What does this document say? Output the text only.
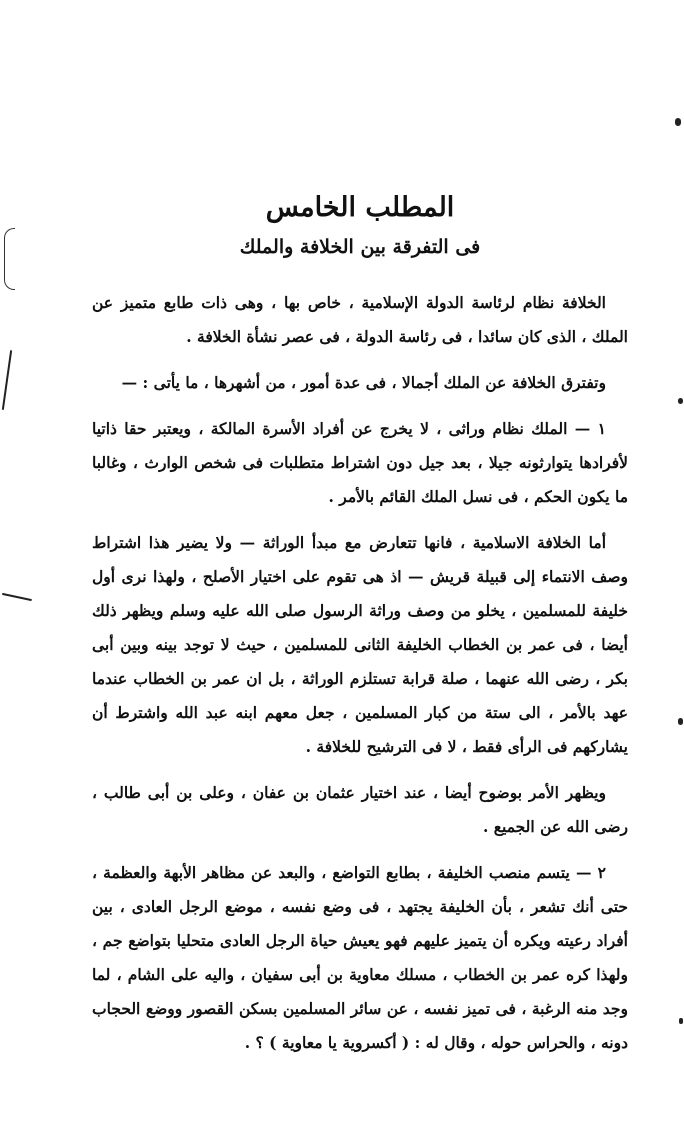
المطلب الخامس
فى التفرقة بين الخلافة والملك

الخلافة نظام لرئاسة الدولة الإسلامية ، خاص بها ، وهى ذات طابع متميز عن الملك ، الذى كان سائدا ، فى رئاسة الدولة ، فى عصر نشأة الخلافة .

وتفترق الخلافة عن الملك أجمالا ، فى عدة أمور ، من أشهرها ، ما يأتى : —

١ — الملك نظام وراثى ، لا يخرج عن أفراد الأسرة المالكة ، ويعتبر حقا ذاتيا لأفرادها يتوارثونه جيلا ، بعد جيل دون اشتراط متطلبات فى شخص الوارث ، وغالبا ما يكون الحكم ، فى نسل الملك القائم بالأمر .

أما الخلافة الاسلامية ، فانها تتعارض مع مبدأ الوراثة — ولا يضير هذا اشتراط وصف الانتماء إلى قبيلة قريش — اذ هى تقوم على اختيار الأصلح ، ولهذا نرى أول خليفة للمسلمين ، يخلو من وصف وراثة الرسول صلى الله عليه وسلم ويظهر ذلك أيضا ، فى عمر بن الخطاب الخليفة الثانى للمسلمين ، حيث لا توجد بينه وبين أبى بكر ، رضى الله عنهما ، صلة قرابة تستلزم الوراثة ، بل ان عمر بن الخطاب عندما عهد بالأمر ، الى ستة من كبار المسلمين ، جعل معهم ابنه عبد الله واشترط أن يشاركهم فى الرأى فقط ، لا فى الترشيح للخلافة .

ويظهر الأمر بوضوح أيضا ، عند اختيار عثمان بن عفان ، وعلى بن أبى طالب ، رضى الله عن الجميع .

٢ — يتسم منصب الخليفة ، بطابع التواضع ، والبعد عن مظاهر الأبهة والعظمة ، حتى أنك تشعر ، بأن الخليفة يجتهد ، فى وضع نفسه ، موضع الرجل العادى ، بين أفراد رعيته ويكره أن يتميز عليهم فهو يعيش حياة الرجل العادى متحليا بتواضع جم ، ولهذا كره عمر بن الخطاب ، مسلك معاوية بن أبى سفيان ، واليه على الشام ، لما وجد منه الرغبة ، فى تميز نفسه ، عن سائر المسلمين بسكن القصور ووضع الحجاب دونه ، والحراس حوله ، وقال له : ( أكسروية يا معاوية ) ؟ .
